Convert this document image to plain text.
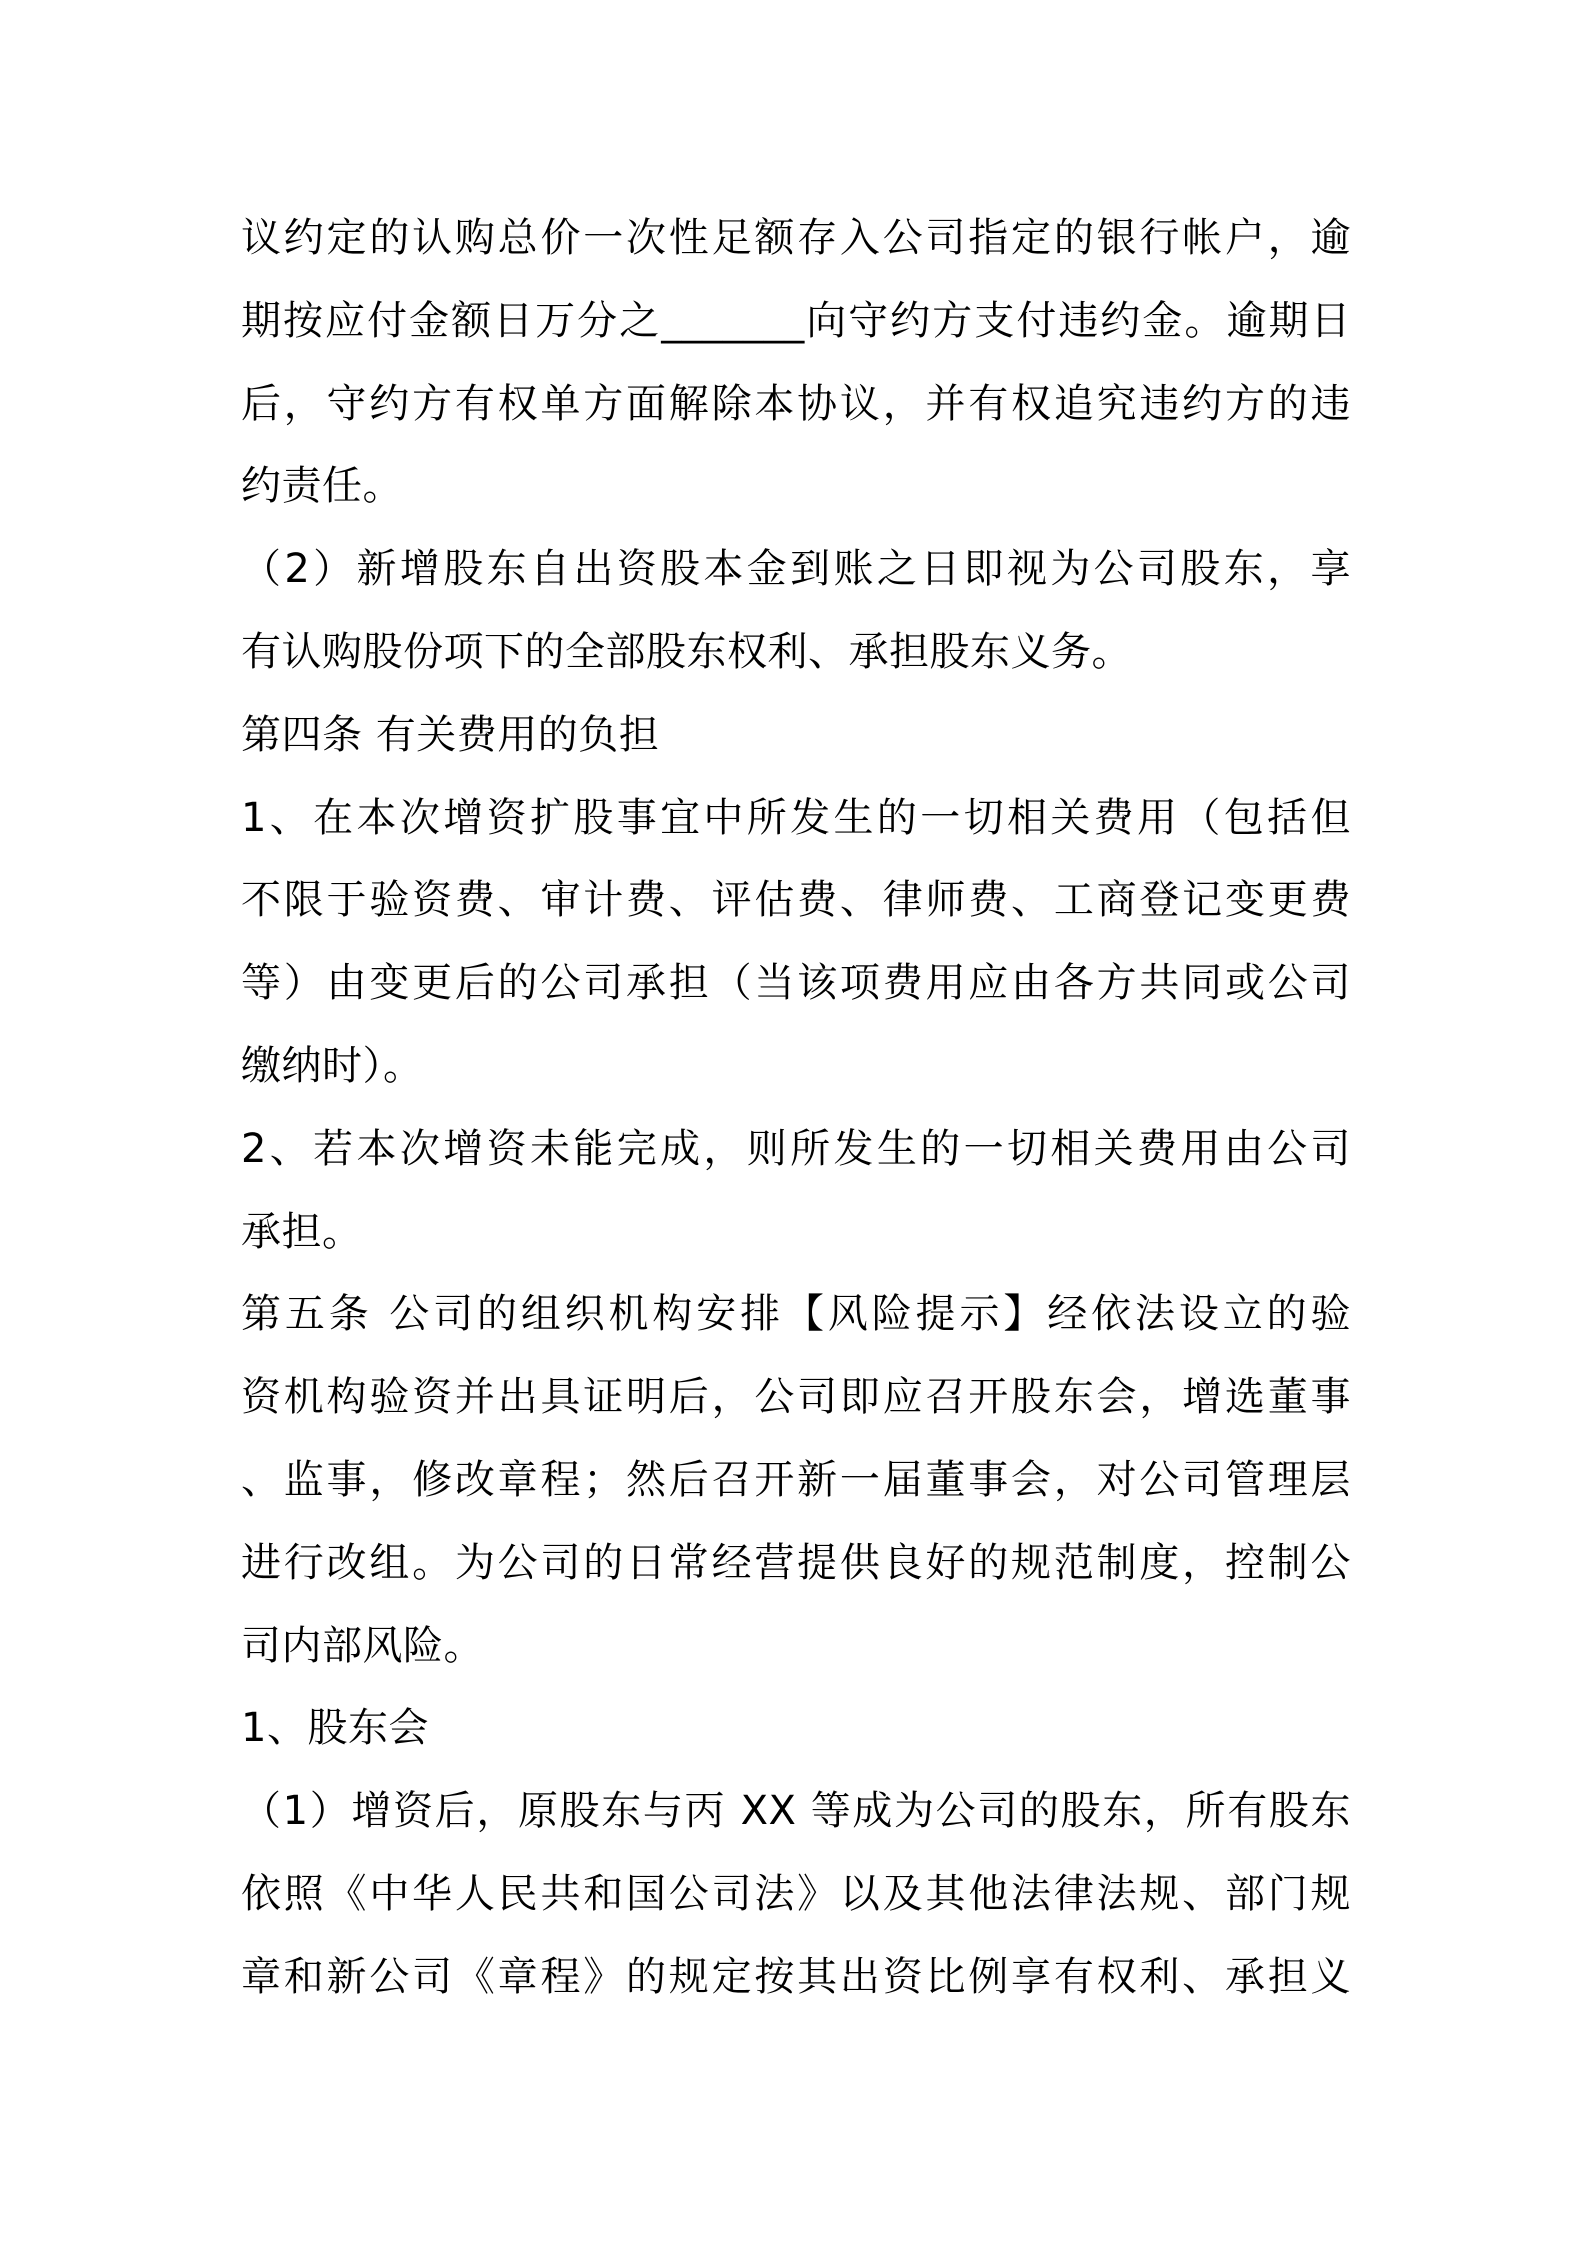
议约定的认购总价一次性足额存入公司指定的银行帐户，逾
期按应付金额日万分之_______向守约方支付违约金。逾期日
后，守约方有权单方面解除本协议，并有权追究违约方的违
约责任。
（2）新增股东自出资股本金到账之日即视为公司股东，享
有认购股份项下的全部股东权利、承担股东义务。
第四条 有关费用的负担
1、在本次增资扩股事宜中所发生的一切相关费用（包括但
不限于验资费、审计费、评估费、律师费、工商登记变更费
等）由变更后的公司承担（当该项费用应由各方共同或公司
缴纳时）。
2、若本次增资未能完成，则所发生的一切相关费用由公司
承担。
第五条 公司的组织机构安排【风险提示】经依法设立的验
资机构验资并出具证明后，公司即应召开股东会，增选董事
、监事，修改章程；然后召开新一届董事会，对公司管理层
进行改组。为公司的日常经营提供良好的规范制度，控制公
司内部风险。
1、股东会
（1）增资后，原股东与丙 XX 等成为公司的股东，所有股东
依照《中华人民共和国公司法》以及其他法律法规、部门规
章和新公司《章程》的规定按其出资比例享有权利、承担义
